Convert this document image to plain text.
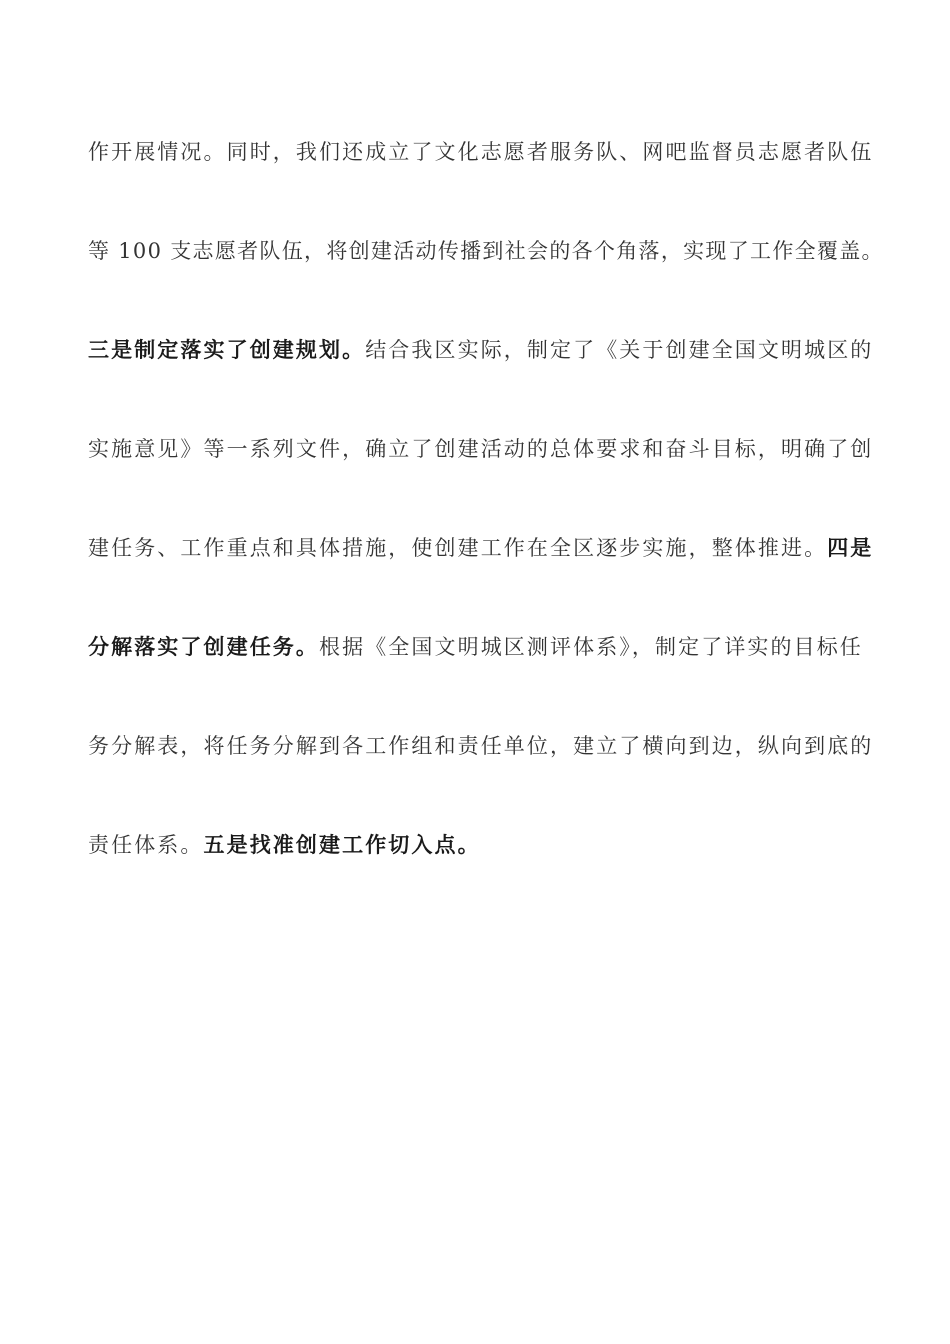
作开展情况。同时，我们还成立了文化志愿者服务队、网吧监督员志愿者队伍
等 100 支志愿者队伍，将创建活动传播到社会的各个角落，实现了工作全覆盖。
三是制定落实了创建规划。结合我区实际，制定了《关于创建全国文明城区的
实施意见》等一系列文件，确立了创建活动的总体要求和奋斗目标，明确了创
建任务、工作重点和具体措施，使创建工作在全区逐步实施，整体推进。四是
分解落实了创建任务。根据《全国文明城区测评体系》，制定了详实的目标任
务分解表，将任务分解到各工作组和责任单位，建立了横向到边，纵向到底的
责任体系。五是找准创建工作切入点。
